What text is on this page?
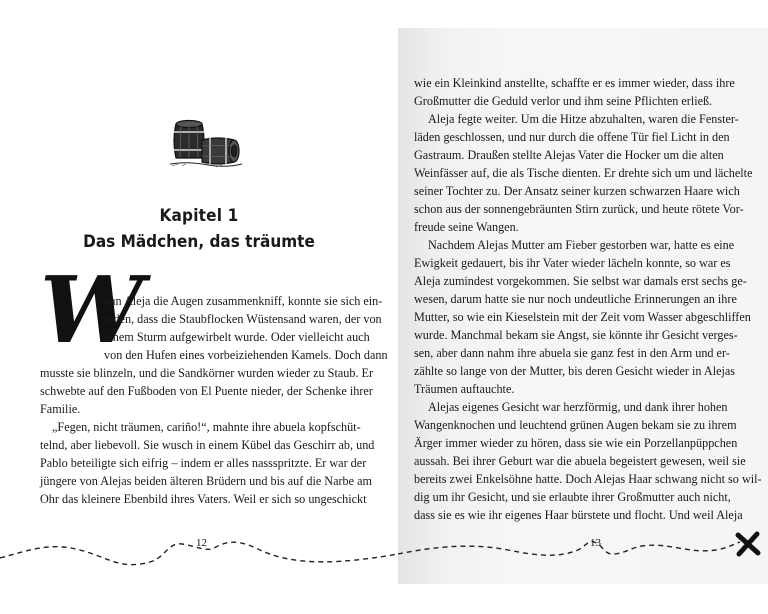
Kapitel 1
Das Mädchen, das träumte
W
enn Aleja die Augen zusammenkniff, konnte sie sich ein-
reden, dass die Staubflocken Wüstensand waren, der von
einem Sturm aufgewirbelt wurde. Oder vielleicht auch
von den Hufen eines vorbeiziehenden Kamels. Doch dann
musste sie blinzeln, und die Sandkörner wurden wieder zu Staub. Er
schwebte auf den Fußboden von El Puente nieder, der Schenke ihrer
Familie.
„Fegen, nicht träumen, cariño!“, mahnte ihre abuela kopfschüt-
telnd, aber liebevoll. Sie wusch in einem Kübel das Geschirr ab, und
Pablo beteiligte sich eifrig – indem er alles nassspritzte. Er war der
jüngere von Alejas beiden älteren Brüdern und bis auf die Narbe am
Ohr das kleinere Ebenbild ihres Vaters. Weil er sich so ungeschickt
wie ein Kleinkind anstellte, schaffte er es immer wieder, dass ihre
Großmutter die Geduld verlor und ihm seine Pflichten erließ.
Aleja fegte weiter. Um die Hitze abzuhalten, waren die Fenster-
läden geschlossen, und nur durch die offene Tür fiel Licht in den
Gastraum. Draußen stellte Alejas Vater die Hocker um die alten
Weinfässer auf, die als Tische dienten. Er drehte sich um und lächelte
seiner Tochter zu. Der Ansatz seiner kurzen schwarzen Haare wich
schon aus der sonnengebräunten Stirn zurück, und heute rötete Vor-
freude seine Wangen.
Nachdem Alejas Mutter am Fieber gestorben war, hatte es eine
Ewigkeit gedauert, bis ihr Vater wieder lächeln konnte, so war es
Aleja zumindest vorgekommen. Sie selbst war damals erst sechs ge-
wesen, darum hatte sie nur noch undeutliche Erinnerungen an ihre
Mutter, so wie ein Kieselstein mit der Zeit vom Wasser abgeschliffen
wurde. Manchmal bekam sie Angst, sie könnte ihr Gesicht verges-
sen, aber dann nahm ihre abuela sie ganz fest in den Arm und er-
zählte so lange von der Mutter, bis deren Gesicht wieder in Alejas
Träumen auftauchte.
Alejas eigenes Gesicht war herzförmig, und dank ihrer hohen
Wangenknochen und leuchtend grünen Augen bekam sie zu ihrem
Ärger immer wieder zu hören, dass sie wie ein Porzellanpüppchen
aussah. Bei ihrer Geburt war die abuela begeistert gewesen, weil sie
bereits zwei Enkelsöhne hatte. Doch Alejas Haar schwang nicht so wil-
dig um ihr Gesicht, und sie erlaubte ihrer Großmutter auch nicht,
dass sie es wie ihr eigenes Haar bürstete und flocht. Und weil Aleja
12	13
